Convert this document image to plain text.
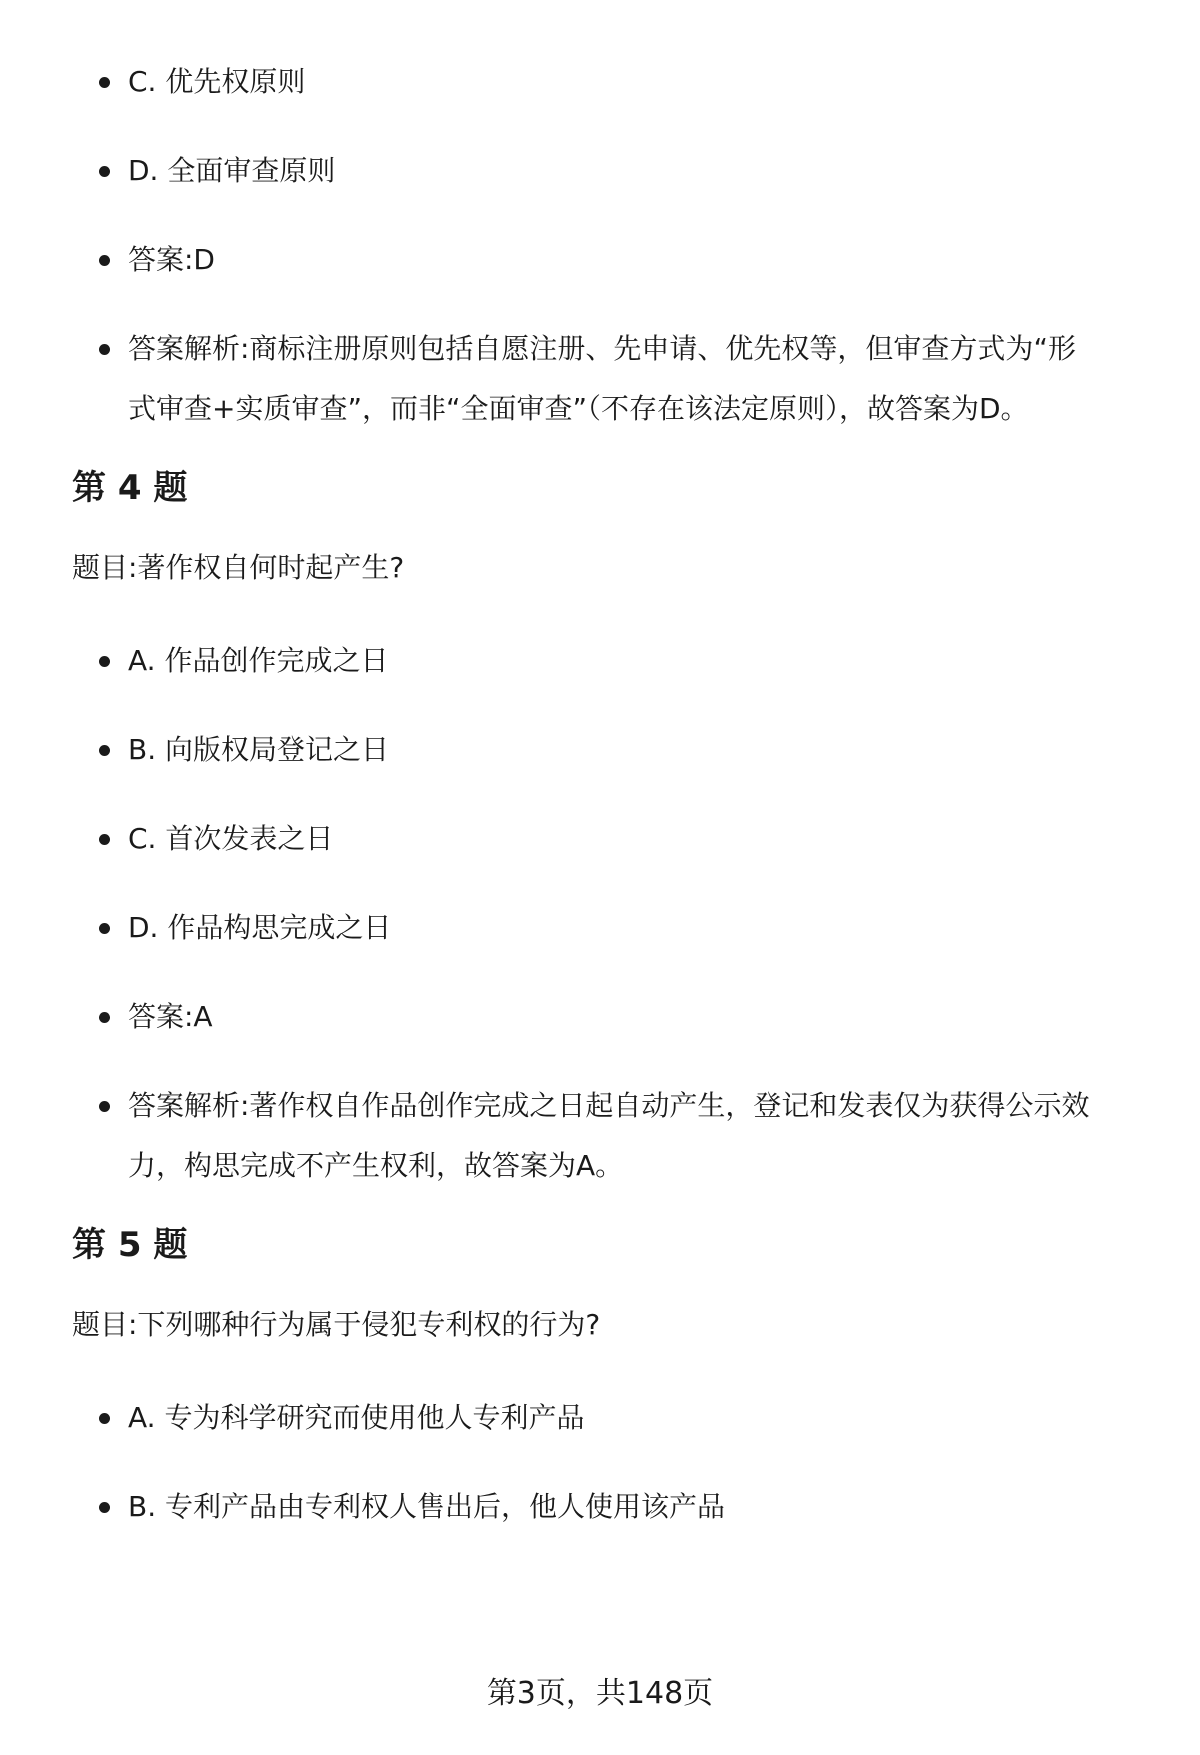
C. 优先权原则
D. 全面审查原则
答案:D
答案解析:商标注册原则包括自愿注册、先申请、优先权等，但审查方式为“形
式审查+实质审查”，而非“全面审查”（不存在该法定原则），故答案为D。
第 4 题
题目:著作权自何时起产生?
A. 作品创作完成之日
B. 向版权局登记之日
C. 首次发表之日
D. 作品构思完成之日
答案:A
答案解析:著作权自作品创作完成之日起自动产生，登记和发表仅为获得公示效
力，构思完成不产生权利，故答案为A。
第 5 题
题目:下列哪种行为属于侵犯专利权的行为?
A. 专为科学研究而使用他人专利产品
B. 专利产品由专利权人售出后，他人使用该产品
第3页，共148页
